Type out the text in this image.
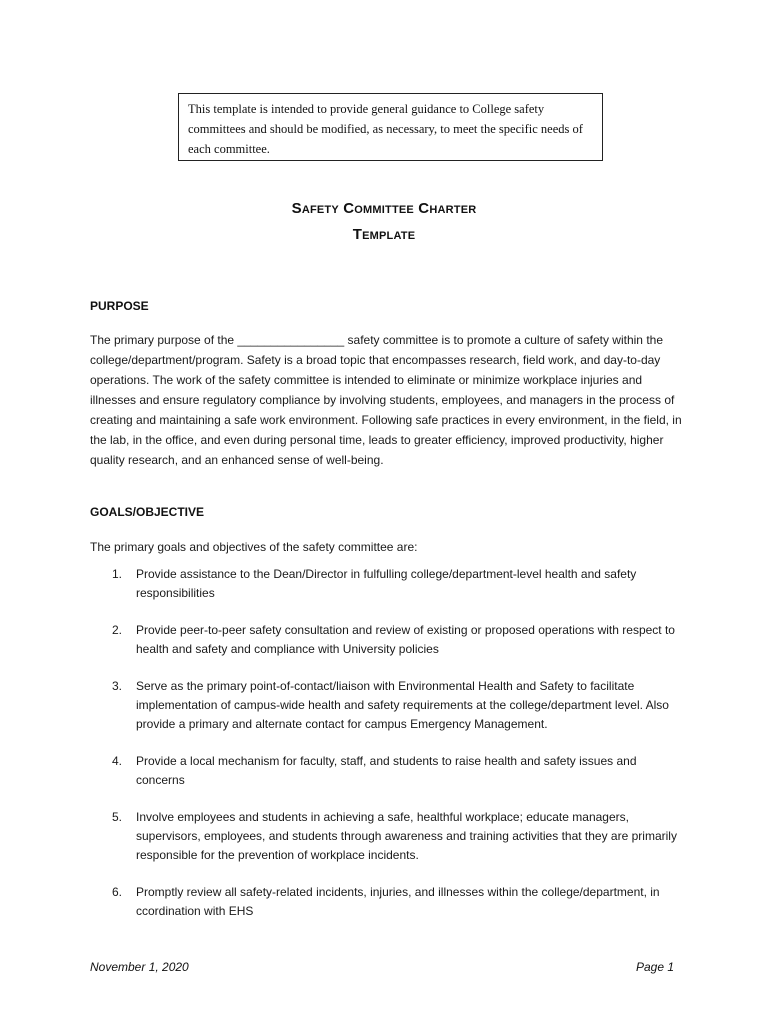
This template is intended to provide general guidance to College safety committees and should be modified, as necessary, to meet the specific needs of each committee.
Safety Committee Charter
Template
PURPOSE
The primary purpose of the ________________ safety committee is to promote a culture of safety within the college/department/program. Safety is a broad topic that encompasses research, field work, and day-to-day operations. The work of the safety committee is intended to eliminate or minimize workplace injuries and illnesses and ensure regulatory compliance by involving students, employees, and managers in the process of creating and maintaining a safe work environment. Following safe practices in every environment, in the field, in the lab, in the office, and even during personal time, leads to greater efficiency, improved productivity, higher quality research, and an enhanced sense of well-being.
GOALS/OBJECTIVE
The primary goals and objectives of the safety committee are:
1.	Provide assistance to the Dean/Director in fulfulling college/department-level health and safety responsibilities
2.	Provide peer-to-peer safety consultation and review of existing or proposed operations with respect to health and safety and compliance with University policies
3.	Serve as the primary point-of-contact/liaison with Environmental Health and Safety to facilitate implementation of campus-wide health and safety requirements at the college/department level. Also provide a primary and alternate contact for campus Emergency Management.
4.	Provide a local mechanism for faculty, staff, and students to raise health and safety issues and concerns
5.	Involve employees and students in achieving a safe, healthful workplace; educate managers, supervisors, employees, and students through awareness and training activities that they are primarily responsible for the prevention of workplace incidents.
6.	Promptly review all safety-related incidents, injuries, and illnesses within the college/department, in ccordination with EHS
November 1, 2020	Page 1
